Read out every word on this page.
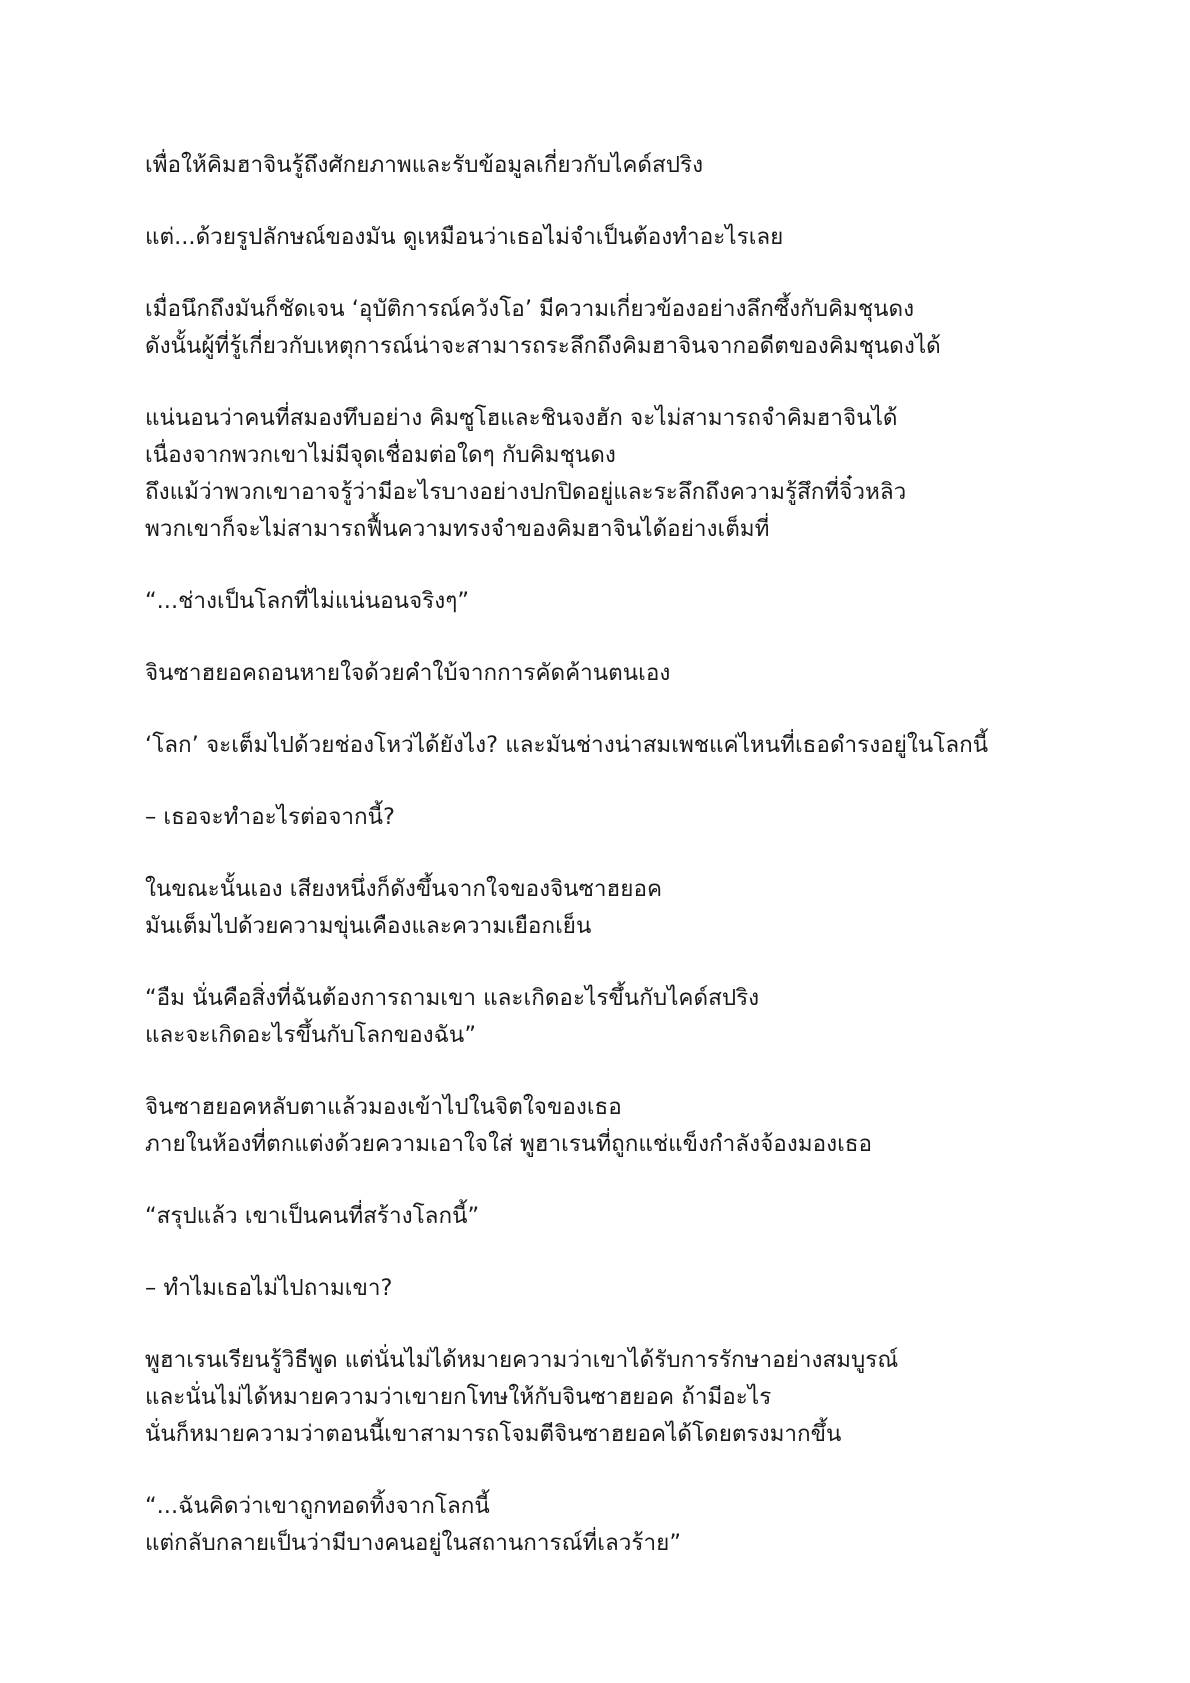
เพื่อให้คิมฮาจินรู้ถึงศักยภาพและรับข้อมูลเกี่ยวกับไคด์สปริง
แต่...ด้วยรูปลักษณ์ของมัน ดูเหมือนว่าเธอไม่จำเป็นต้องทำอะไรเลย
เมื่อนึกถึงมันก็ชัดเจน ‘อุบัติการณ์ควังโอ’ มีความเกี่ยวข้องอย่างลึกซึ้งกับคิมชุนดง
ดังนั้นผู้ที่รู้เกี่ยวกับเหตุการณ์น่าจะสามารถระลึกถึงคิมฮาจินจากอดีตของคิมชุนดงได้
แน่นอนว่าคนที่สมองทึบอย่าง คิมซูโฮและชินจงฮัก จะไม่สามารถจำคิมฮาจินได้
เนื่องจากพวกเขาไม่มีจุดเชื่อมต่อใดๆ กับคิมชุนดง
ถึงแม้ว่าพวกเขาอาจรู้ว่ามีอะไรบางอย่างปกปิดอยู่และระลึกถึงความรู้สึกที่จิ๋วหลิว
พวกเขาก็จะไม่สามารถฟื้นความทรงจำของคิมฮาจินได้อย่างเต็มที่
“...ช่างเป็นโลกที่ไม่แน่นอนจริงๆ”
จินซาฮยอคถอนหายใจด้วยคำใบ้จากการคัดค้านตนเอง
‘โลก’ จะเต็มไปด้วยช่องโหว่ได้ยังไง? และมันช่างน่าสมเพชแค่ไหนที่เธอดำรงอยู่ในโลกนี้
– เธอจะทำอะไรต่อจากนี้?
ในขณะนั้นเอง เสียงหนึ่งก็ดังขึ้นจากใจของจินซาฮยอค
มันเต็มไปด้วยความขุ่นเคืองและความเยือกเย็น
“อืม นั่นคือสิ่งที่ฉันต้องการถามเขา และเกิดอะไรขึ้นกับไคด์สปริง
และจะเกิดอะไรขึ้นกับโลกของฉัน”
จินซาฮยอคหลับตาแล้วมองเข้าไปในจิตใจของเธอ
ภายในห้องที่ตกแต่งด้วยความเอาใจใส่ พูฮาเรนที่ถูกแช่แข็งกำลังจ้องมองเธอ
“สรุปแล้ว เขาเป็นคนที่สร้างโลกนี้”
– ทำไมเธอไม่ไปถามเขา?
พูฮาเรนเรียนรู้วิธีพูด แต่นั่นไม่ได้หมายความว่าเขาได้รับการรักษาอย่างสมบูรณ์
และนั่นไม่ได้หมายความว่าเขายกโทษให้กับจินซาฮยอค ถ้ามีอะไร
นั่นก็หมายความว่าตอนนี้เขาสามารถโจมตีจินซาฮยอคได้โดยตรงมากขึ้น
“...ฉันคิดว่าเขาถูกทอดทิ้งจากโลกนี้
แต่กลับกลายเป็นว่ามีบางคนอยู่ในสถานการณ์ที่เลวร้าย”
